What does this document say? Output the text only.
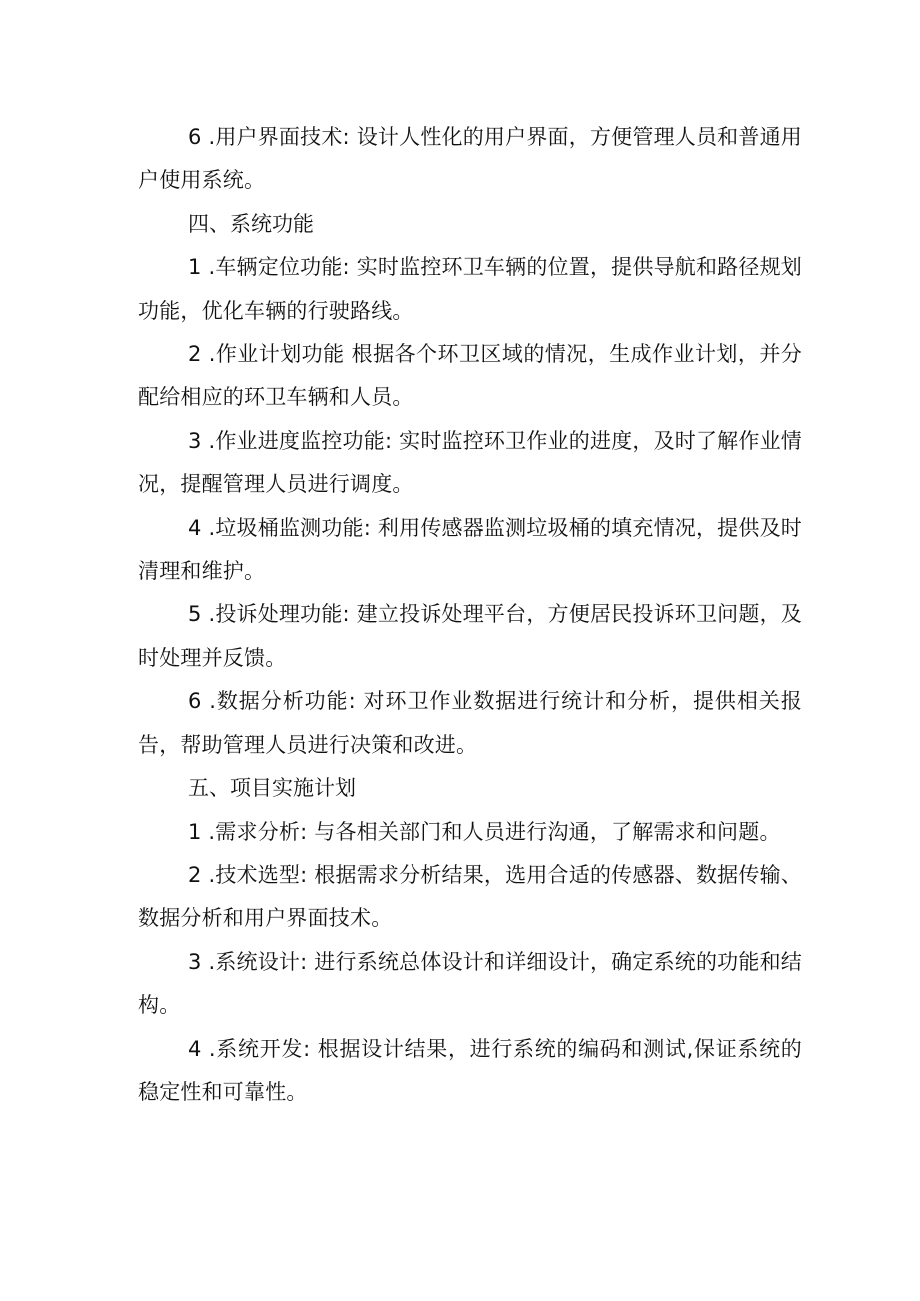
6 .用户界面技术: 设计人性化的用户界面，方便管理人员和普通用户使用系统。

四、系统功能

1 .车辆定位功能: 实时监控环卫车辆的位置，提供导航和路径规划功能，优化车辆的行驶路线。

2 .作业计划功能 根据各个环卫区域的情况，生成作业计划，并分配给相应的环卫车辆和人员。

3 .作业进度监控功能: 实时监控环卫作业的进度，及时了解作业情况，提醒管理人员进行调度。

4 .垃圾桶监测功能: 利用传感器监测垃圾桶的填充情况，提供及时清理和维护。

5 .投诉处理功能: 建立投诉处理平台，方便居民投诉环卫问题，及时处理并反馈。

6 .数据分析功能: 对环卫作业数据进行统计和分析，提供相关报告，帮助管理人员进行决策和改进。

五、项目实施计划

1 .需求分析: 与各相关部门和人员进行沟通，了解需求和问题。

2 .技术选型: 根据需求分析结果，选用合适的传感器、数据传输、数据分析和用户界面技术。

3 .系统设计: 进行系统总体设计和详细设计，确定系统的功能和结构。

4 .系统开发: 根据设计结果，进行系统的编码和测试,保证系统的稳定性和可靠性。
